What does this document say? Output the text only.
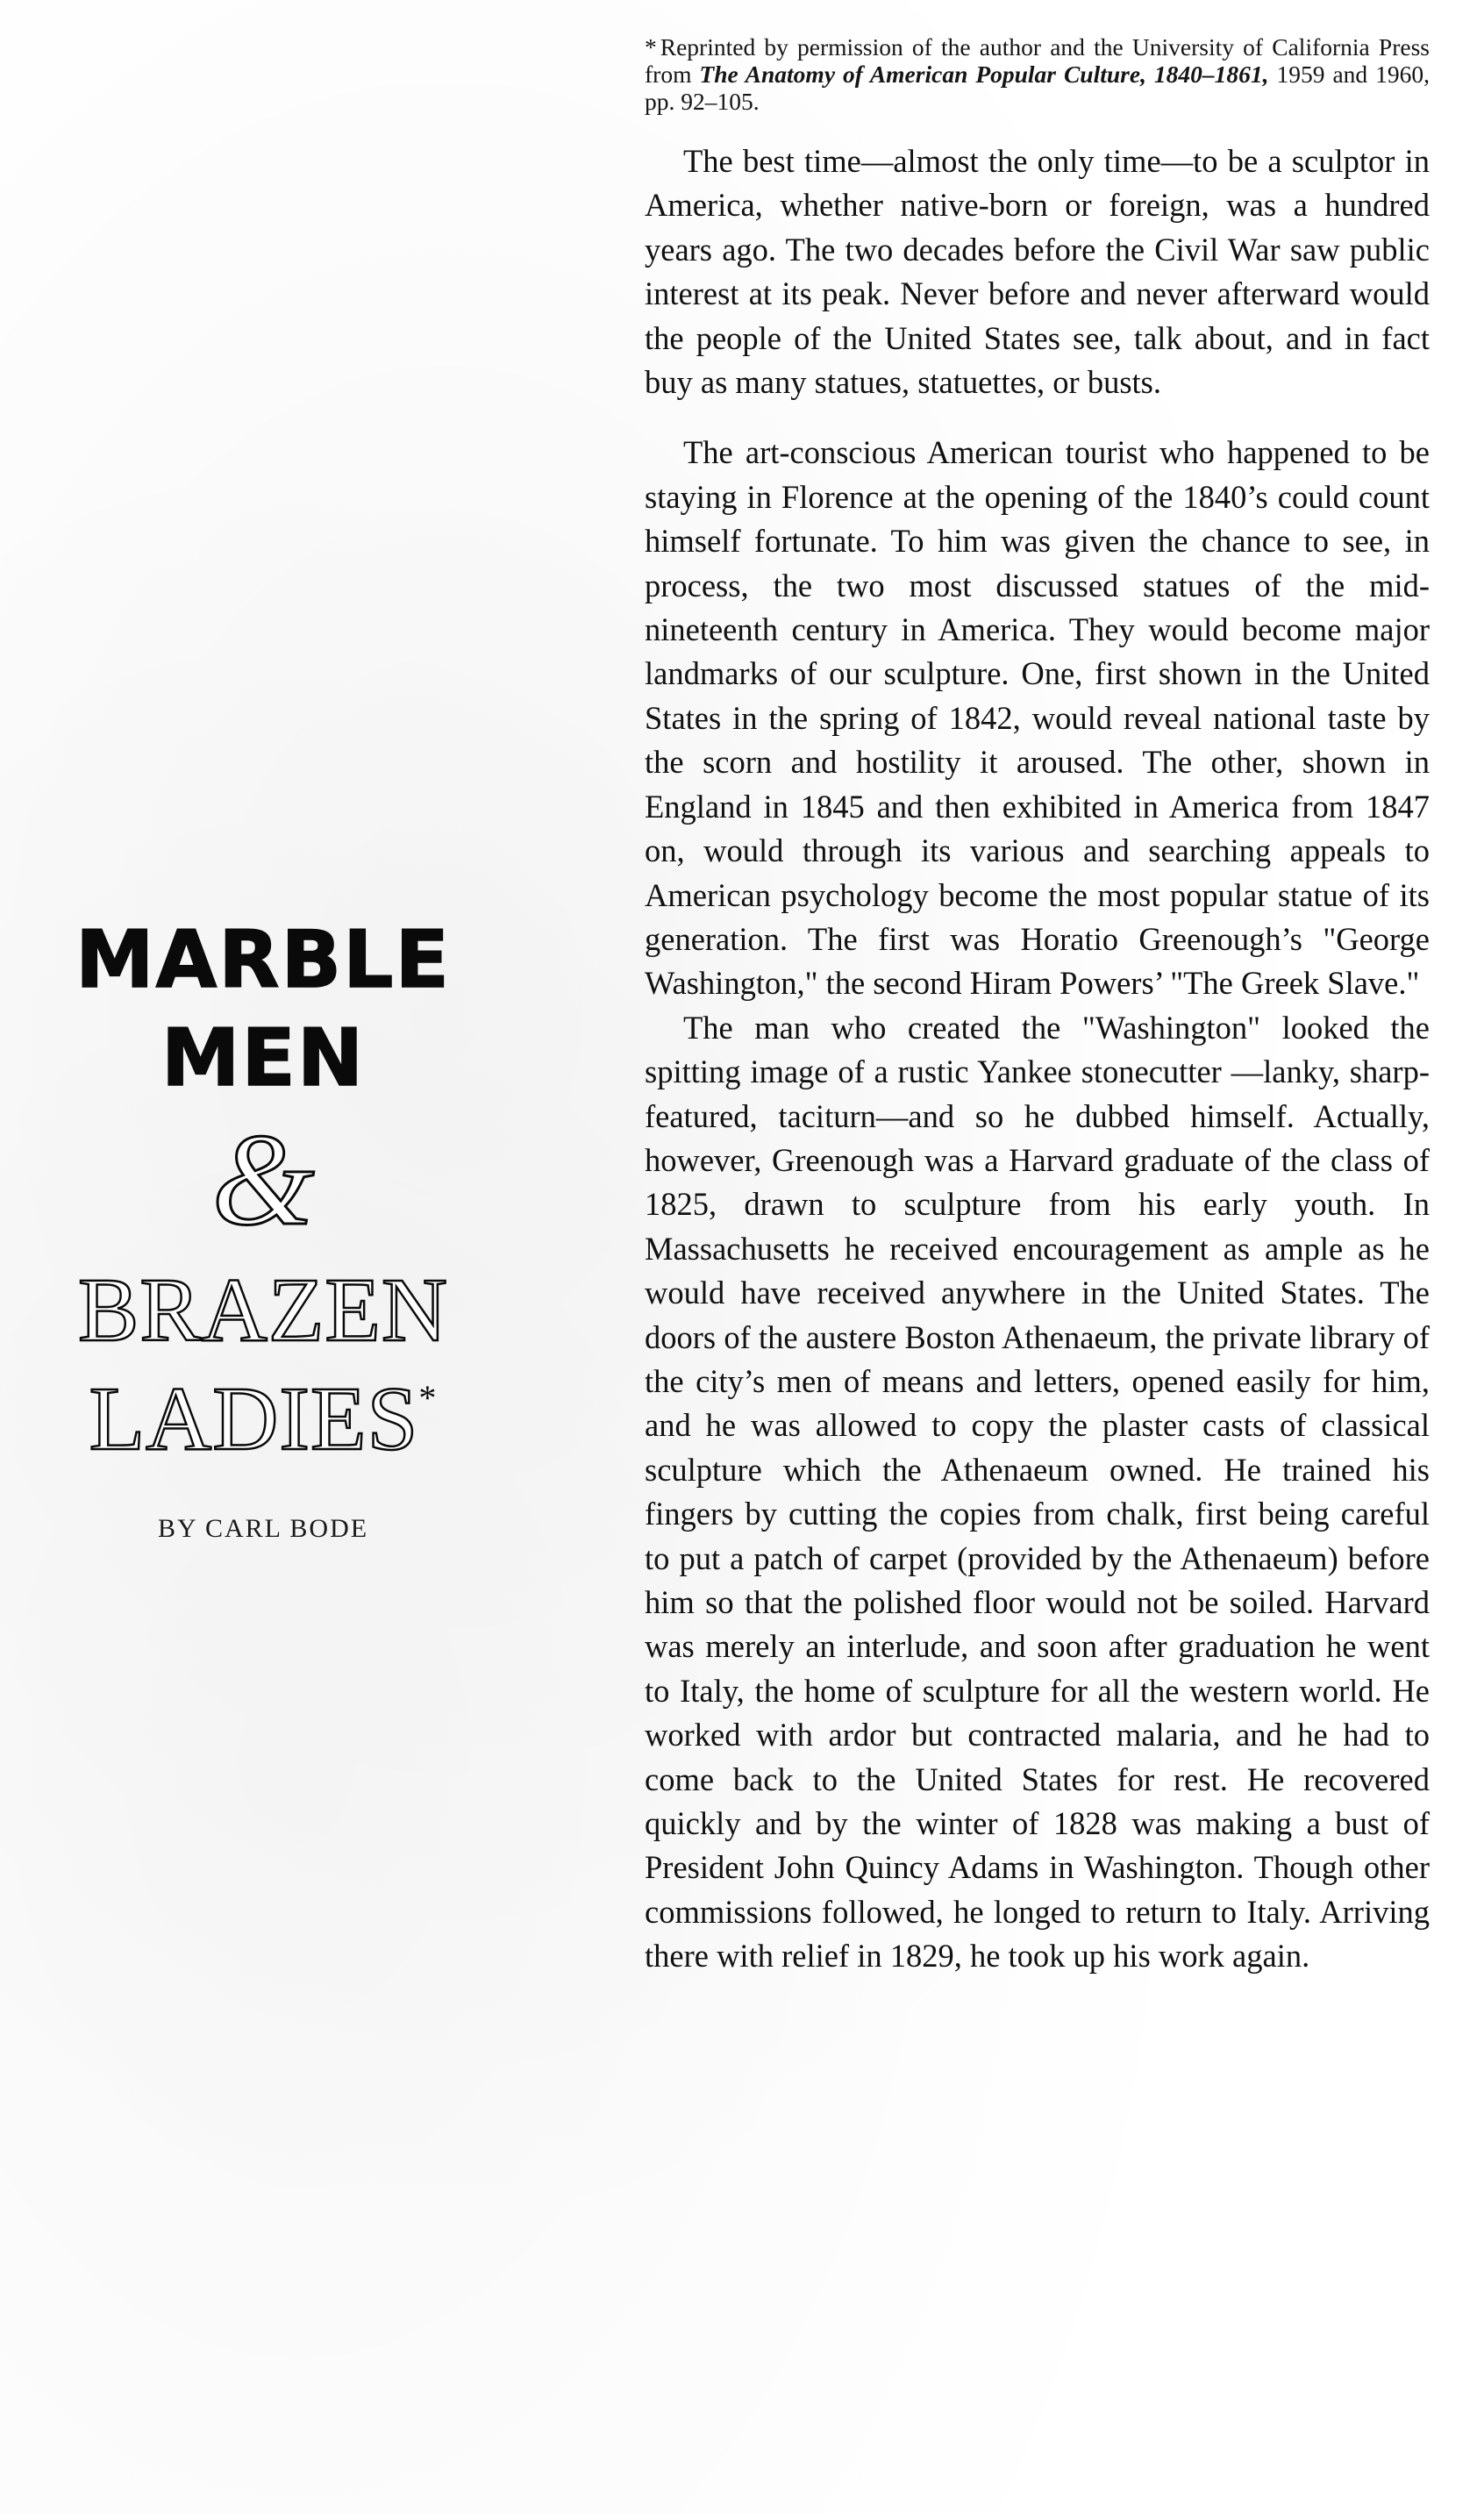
MARBLE
MEN
&
BRAZEN
LADIES*
BY CARL BODE

* Reprinted by permission of the author and the University of California Press from The Anatomy of American Popular Culture, 1840–1861, 1959 and 1960, pp. 92–105.

The best time—almost the only time—to be a sculptor in America, whether native-born or foreign, was a hundred years ago. The two decades before the Civil War saw public interest at its peak. Never before and never afterward would the people of the United States see, talk about, and in fact buy as many statues, statuettes, or busts.

The art-conscious American tourist who happened to be staying in Florence at the opening of the 1840’s could count himself fortunate. To him was given the chance to see, in process, the two most discussed statues of the mid-nineteenth century in America. They would become major landmarks of our sculpture. One, first shown in the United States in the spring of 1842, would reveal national taste by the scorn and hostility it aroused. The other, shown in England in 1845 and then exhibited in America from 1847 on, would through its various and searching appeals to American psychology become the most popular statue of its generation. The first was Horatio Greenough’s "George Washington," the second Hiram Powers’ "The Greek Slave."

The man who created the "Washington" looked the spitting image of a rustic Yankee stonecutter —lanky, sharp-featured, taciturn—and so he dubbed himself. Actually, however, Greenough was a Harvard graduate of the class of 1825, drawn to sculpture from his early youth. In Massachusetts he received encouragement as ample as he would have received anywhere in the United States. The doors of the austere Boston Athenaeum, the private library of the city’s men of means and letters, opened easily for him, and he was allowed to copy the plaster casts of classical sculpture which the Athenaeum owned. He trained his fingers by cutting the copies from chalk, first being careful to put a patch of carpet (provided by the Athenaeum) before him so that the polished floor would not be soiled. Harvard was merely an interlude, and soon after graduation he went to Italy, the home of sculpture for all the western world. He worked with ardor but contracted malaria, and he had to come back to the United States for rest. He recovered quickly and by the winter of 1828 was making a bust of President John Quincy Adams in Washington. Though other commissions followed, he longed to return to Italy. Arriving there with relief in 1829, he took up his work again.
